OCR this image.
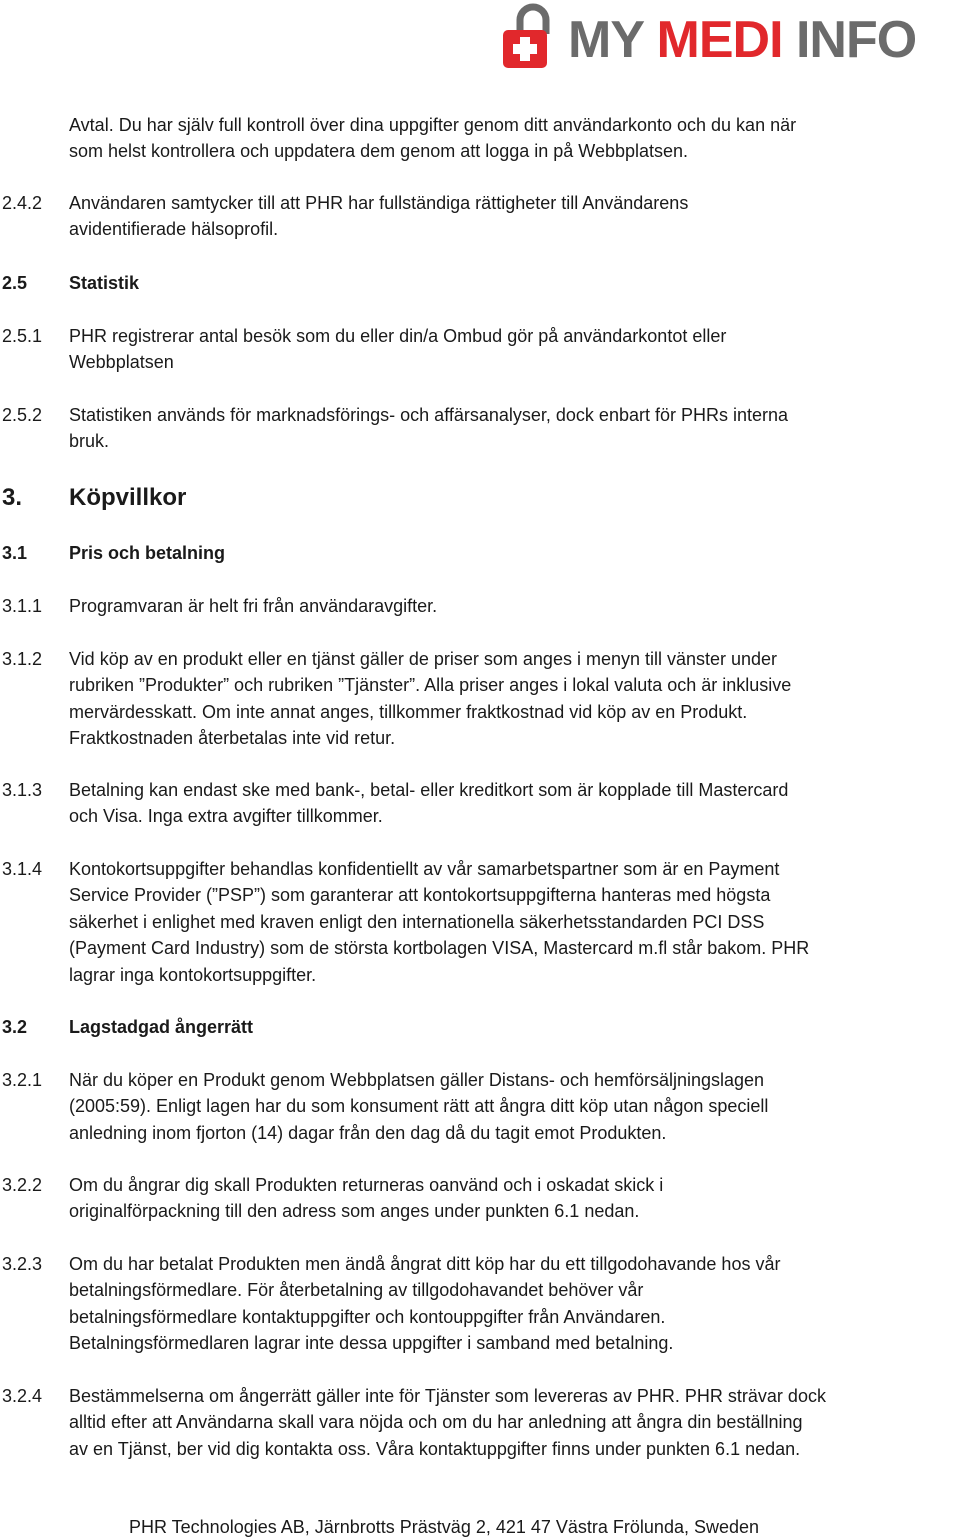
MY MEDI INFO
Avtal. Du har själv full kontroll över dina uppgifter genom ditt användarkonto och du kan när
som helst kontrollera och uppdatera dem genom att logga in på Webbplatsen.
2.4.2 Användaren samtycker till att PHR har fullständiga rättigheter till Användarens
avidentifierade hälsoprofil.
2.5 Statistik
2.5.1 PHR registrerar antal besök som du eller din/a Ombud gör på användarkontot eller
Webbplatsen
2.5.2 Statistiken används för marknadsförings- och affärsanalyser, dock enbart för PHRs interna
bruk.
3. Köpvillkor
3.1 Pris och betalning
3.1.1 Programvaran är helt fri från användaravgifter.
3.1.2 Vid köp av en produkt eller en tjänst gäller de priser som anges i menyn till vänster under
rubriken ”Produkter” och rubriken ”Tjänster”. Alla priser anges i lokal valuta och är inklusive
mervärdesskatt. Om inte annat anges, tillkommer fraktkostnad vid köp av en Produkt.
Fraktkostnaden återbetalas inte vid retur.
3.1.3 Betalning kan endast ske med bank-, betal- eller kreditkort som är kopplade till Mastercard
och Visa. Inga extra avgifter tillkommer.
3.1.4 Kontokortsuppgifter behandlas konfidentiellt av vår samarbetspartner som är en Payment
Service Provider (”PSP”) som garanterar att kontokortsuppgifterna hanteras med högsta
säkerhet i enlighet med kraven enligt den internationella säkerhetsstandarden PCI DSS
(Payment Card Industry) som de största kortbolagen VISA, Mastercard m.fl står bakom. PHR
lagrar inga kontokortsuppgifter.
3.2 Lagstadgad ångerrätt
3.2.1 När du köper en Produkt genom Webbplatsen gäller Distans- och hemförsäljningslagen
(2005:59). Enligt lagen har du som konsument rätt att ångra ditt köp utan någon speciell
anledning inom fjorton (14) dagar från den dag då du tagit emot Produkten.
3.2.2 Om du ångrar dig skall Produkten returneras oanvänd och i oskadat skick i
originalförpackning till den adress som anges under punkten 6.1 nedan.
3.2.3 Om du har betalat Produkten men ändå ångrat ditt köp har du ett tillgodohavande hos vår
betalningsförmedlare. För återbetalning av tillgodohavandet behöver vår
betalningsförmedlare kontaktuppgifter och kontouppgifter från Användaren.
Betalningsförmedlaren lagrar inte dessa uppgifter i samband med betalning.
3.2.4 Bestämmelserna om ångerrätt gäller inte för Tjänster som levereras av PHR. PHR strävar dock
alltid efter att Användarna skall vara nöjda och om du har anledning att ångra din beställning
av en Tjänst, ber vid dig kontakta oss. Våra kontaktuppgifter finns under punkten 6.1 nedan.
PHR Technologies AB, Järnbrotts Prästväg 2, 421 47 Västra Frölunda, Sweden
